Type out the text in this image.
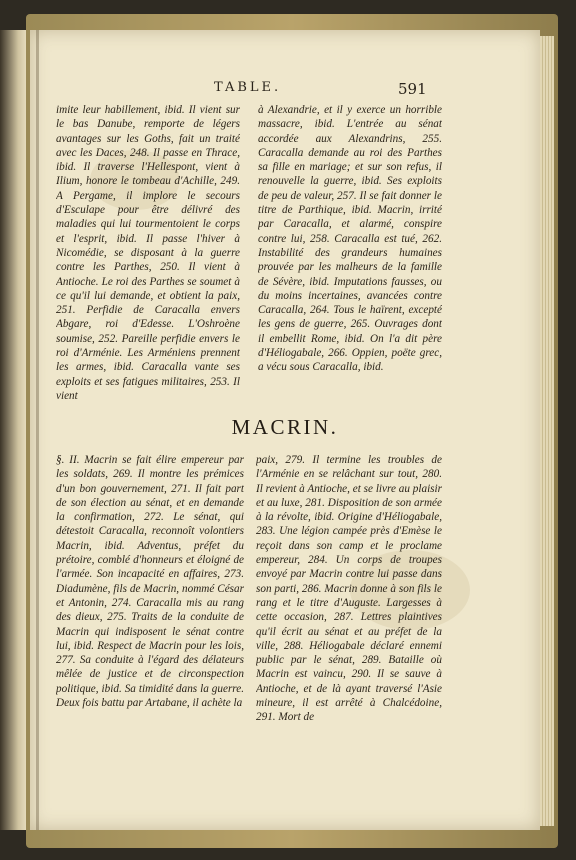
TABLE.	591
imite leur habillement, ibid. Il vient sur le bas Danube, remporte de légers avantages sur les Goths, fait un traité avec les Daces, 248. Il passe en Thrace, ibid. Il traverse l'Hellespont, vient à Ilium, honore le tombeau d'Achille, 249. A Pergame, il implore le secours d'Esculape pour être délivré des maladies qui lui tourmentoient le corps et l'esprit, ibid. Il passe l'hiver à Nicomédie, se disposant à la guerre contre les Parthes, 250. Il vient à Antioche. Le roi des Parthes se soumet à ce qu'il lui demande, et obtient la paix, 251. Perfidie de Caracalla envers Abgare, roi d'Edesse. L'Oshroène soumise, 252. Pareille perfidie envers le roi d'Arménie. Les Arméniens prennent les armes, ibid. Caracalla vante ses exploits et ses fatigues militaires, 253. Il vient
à Alexandrie, et il y exerce un horrible massacre, ibid. L'entrée au sénat accordée aux Alexandrins, 255. Caracalla demande au roi des Parthes sa fille en mariage; et sur son refus, il renouvelle la guerre, ibid. Ses exploits de peu de valeur, 257. Il se fait donner le titre de Parthique, ibid. Macrin, irrité par Caracalla, et alarmé, conspire contre lui, 258. Caracalla est tué, 262. Instabilité des grandeurs humaines prouvée par les malheurs de la famille de Sévère, ibid. Imputations fausses, ou du moins incertaines, avancées contre Caracalla, 264. Tous le haïrent, excepté les gens de guerre, 265. Ouvrages dont il embellit Rome, ibid. On l'a dit père d'Héliogabale, 266. Oppien, poëte grec, a vécu sous Caracalla, ibid.
MACRIN.
§. II. Macrin se fait élire empereur par les soldats, 269. Il montre les prémices d'un bon gouvernement, 271. Il fait part de son élection au sénat, et en demande la confirmation, 272. Le sénat, qui détestoit Caracalla, reconnoît volontiers Macrin, ibid. Adventus, préfet du prétoire, comblé d'honneurs et éloigné de l'armée. Son incapacité en affaires, 273. Diadumène, fils de Macrin, nommé César et Antonin, 274. Caracalla mis au rang des dieux, 275. Traits de la conduite de Macrin qui indisposent le sénat contre lui, ibid. Respect de Macrin pour les lois, 277. Sa conduite à l'égard des délateurs mêlée de justice et de circonspection politique, ibid. Sa timidité dans la guerre. Deux fois battu par Artabane, il achète la
paix, 279. Il termine les troubles de l'Arménie en se relâchant sur tout, 280. Il revient à Antioche, et se livre au plaisir et au luxe, 281. Disposition de son armée à la révolte, ibid. Origine d'Héliogabale, 283. Une légion campée près d'Emèse le reçoit dans son camp et le proclame empereur, 284. Un corps de troupes envoyé par Macrin contre lui passe dans son parti, 286. Macrin donne à son fils le rang et le titre d'Auguste. Largesses à cette occasion, 287. Lettres plaintives qu'il écrit au sénat et au préfet de la ville, 288. Héliogabale déclaré ennemi public par le sénat, 289. Bataille où Macrin est vaincu, 290. Il se sauve à Antioche, et de là ayant traversé l'Asie mineure, il est arrêté à Chalcédoine, 291. Mort de
